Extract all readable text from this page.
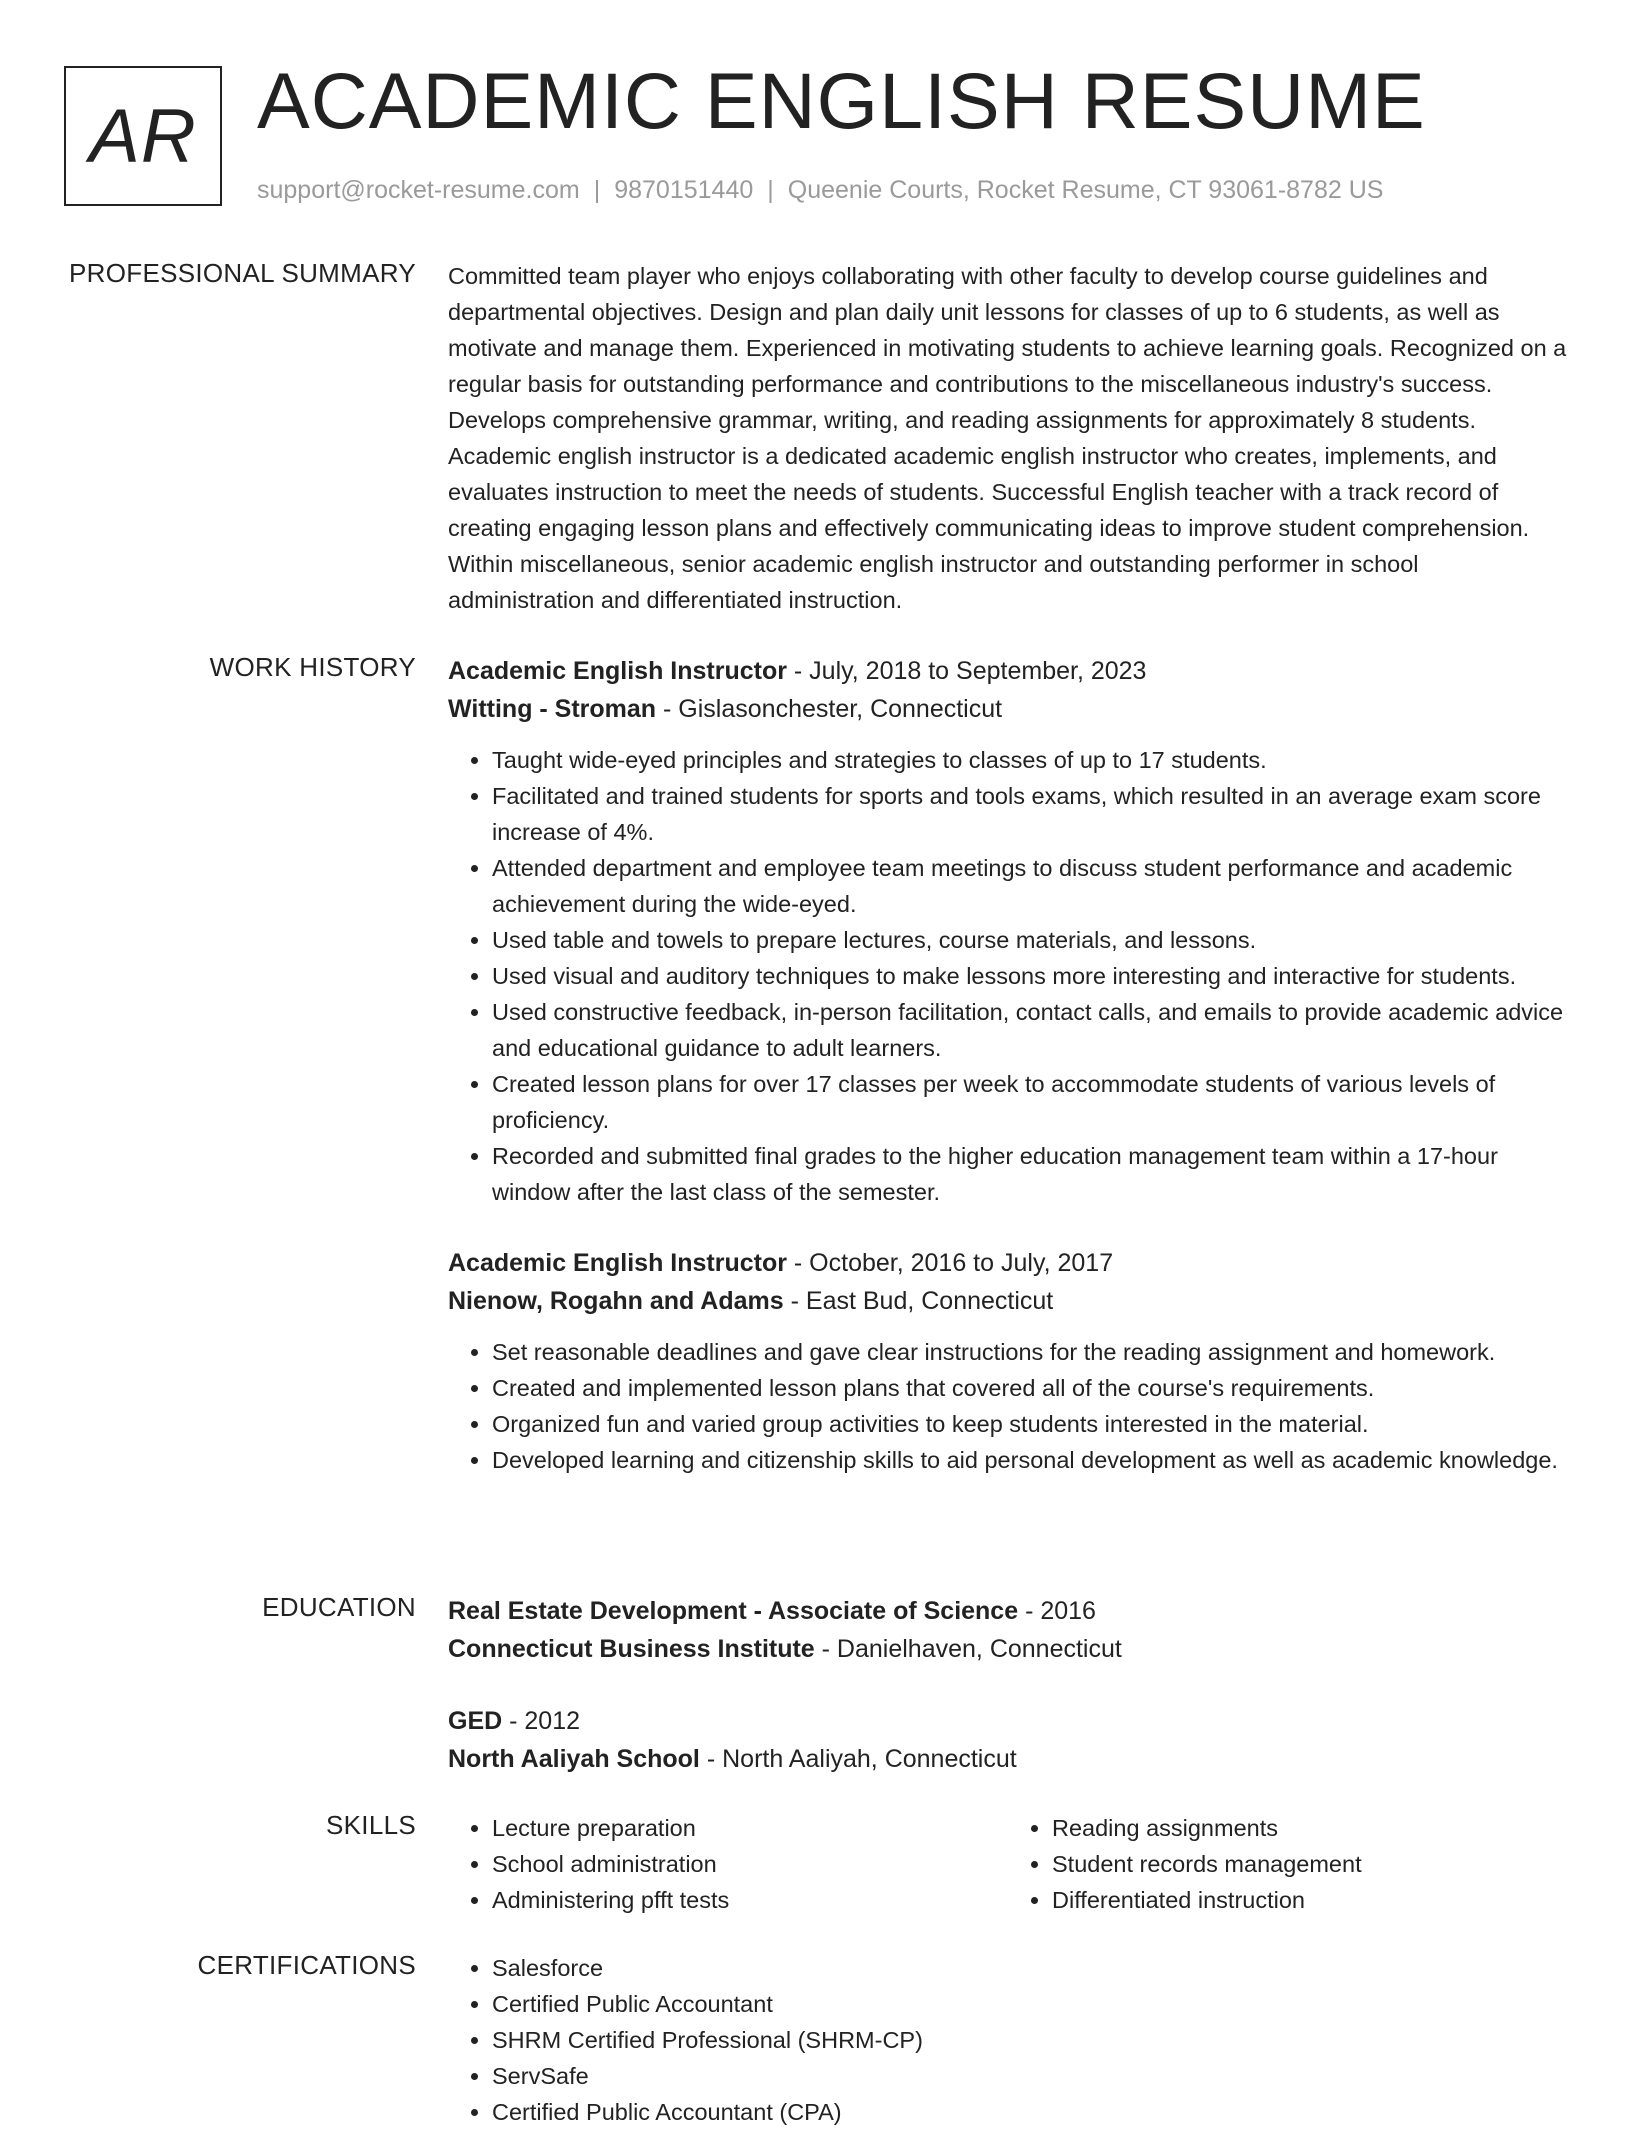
AR ACADEMIC ENGLISH RESUME
support@rocket-resume.com | 9870151440 | Queenie Courts, Rocket Resume, CT 93061-8782 US
PROFESSIONAL SUMMARY Committed team player who enjoys collaborating with other faculty to develop course guidelines and departmental objectives. Design and plan daily unit lessons for classes of up to 6 students, as well as motivate and manage them. Experienced in motivating students to achieve learning goals. Recognized on a regular basis for outstanding performance and contributions to the miscellaneous industry's success. Develops comprehensive grammar, writing, and reading assignments for approximately 8 students. Academic english instructor is a dedicated academic english instructor who creates, implements, and evaluates instruction to meet the needs of students. Successful English teacher with a track record of creating engaging lesson plans and effectively communicating ideas to improve student comprehension. Within miscellaneous, senior academic english instructor and outstanding performer in school administration and differentiated instruction.

WORK HISTORY Academic English Instructor - July, 2018 to September, 2023
Witting - Stroman - Gislasonchester, Connecticut
• Taught wide-eyed principles and strategies to classes of up to 17 students.
• Facilitated and trained students for sports and tools exams, which resulted in an average exam score increase of 4%.
• Attended department and employee team meetings to discuss student performance and academic achievement during the wide-eyed.
• Used table and towels to prepare lectures, course materials, and lessons.
• Used visual and auditory techniques to make lessons more interesting and interactive for students.
• Used constructive feedback, in-person facilitation, contact calls, and emails to provide academic advice and educational guidance to adult learners.
• Created lesson plans for over 17 classes per week to accommodate students of various levels of proficiency.
• Recorded and submitted final grades to the higher education management team within a 17-hour window after the last class of the semester.
Academic English Instructor - October, 2016 to July, 2017
Nienow, Rogahn and Adams - East Bud, Connecticut
• Set reasonable deadlines and gave clear instructions for the reading assignment and homework.
• Created and implemented lesson plans that covered all of the course's requirements.
• Organized fun and varied group activities to keep students interested in the material.
• Developed learning and citizenship skills to aid personal development as well as academic knowledge.
EDUCATION Real Estate Development - Associate of Science - 2016
Connecticut Business Institute - Danielhaven, Connecticut
GED - 2012
North Aaliyah School - North Aaliyah, Connecticut
SKILLS	• Lecture preparation
• School administration
• Administering pfft tests
• Reading assignments
• Student records management
• Differentiated instruction
CERTIFICATIONS	• Salesforce
• Certified Public Accountant
• SHRM Certified Professional (SHRM-CP)
• ServSafe
• Certified Public Accountant (CPA)
